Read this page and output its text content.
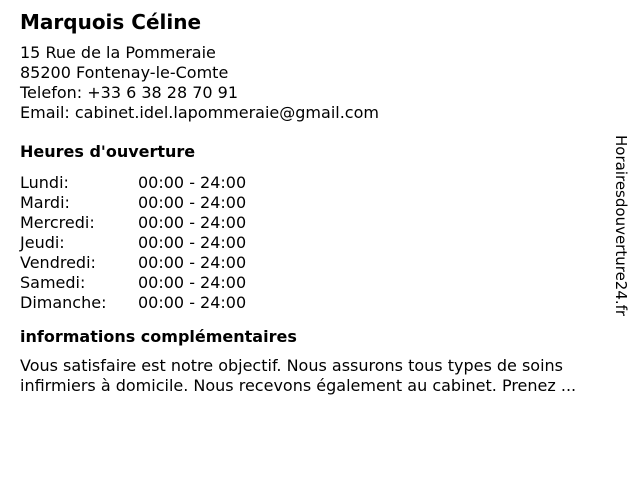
Marquois Céline
15 Rue de la Pommeraie
85200 Fontenay-le-Comte
Telefon: +33 6 38 28 70 91
Email: cabinet.idel.lapommeraie@gmail.com
Heures d'ouverture
Lundi:	00:00 - 24:00
Mardi:	00:00 - 24:00
Mercredi:	00:00 - 24:00
Jeudi:	00:00 - 24:00
Vendredi:	00:00 - 24:00
Samedi:	00:00 - 24:00
Dimanche:	00:00 - 24:00
informations complémentaires
Vous satisfaire est notre objectif. Nous assurons tous types de soins
infirmiers à domicile. Nous recevons également au cabinet. Prenez ...
Horairesdouverture24.fr
